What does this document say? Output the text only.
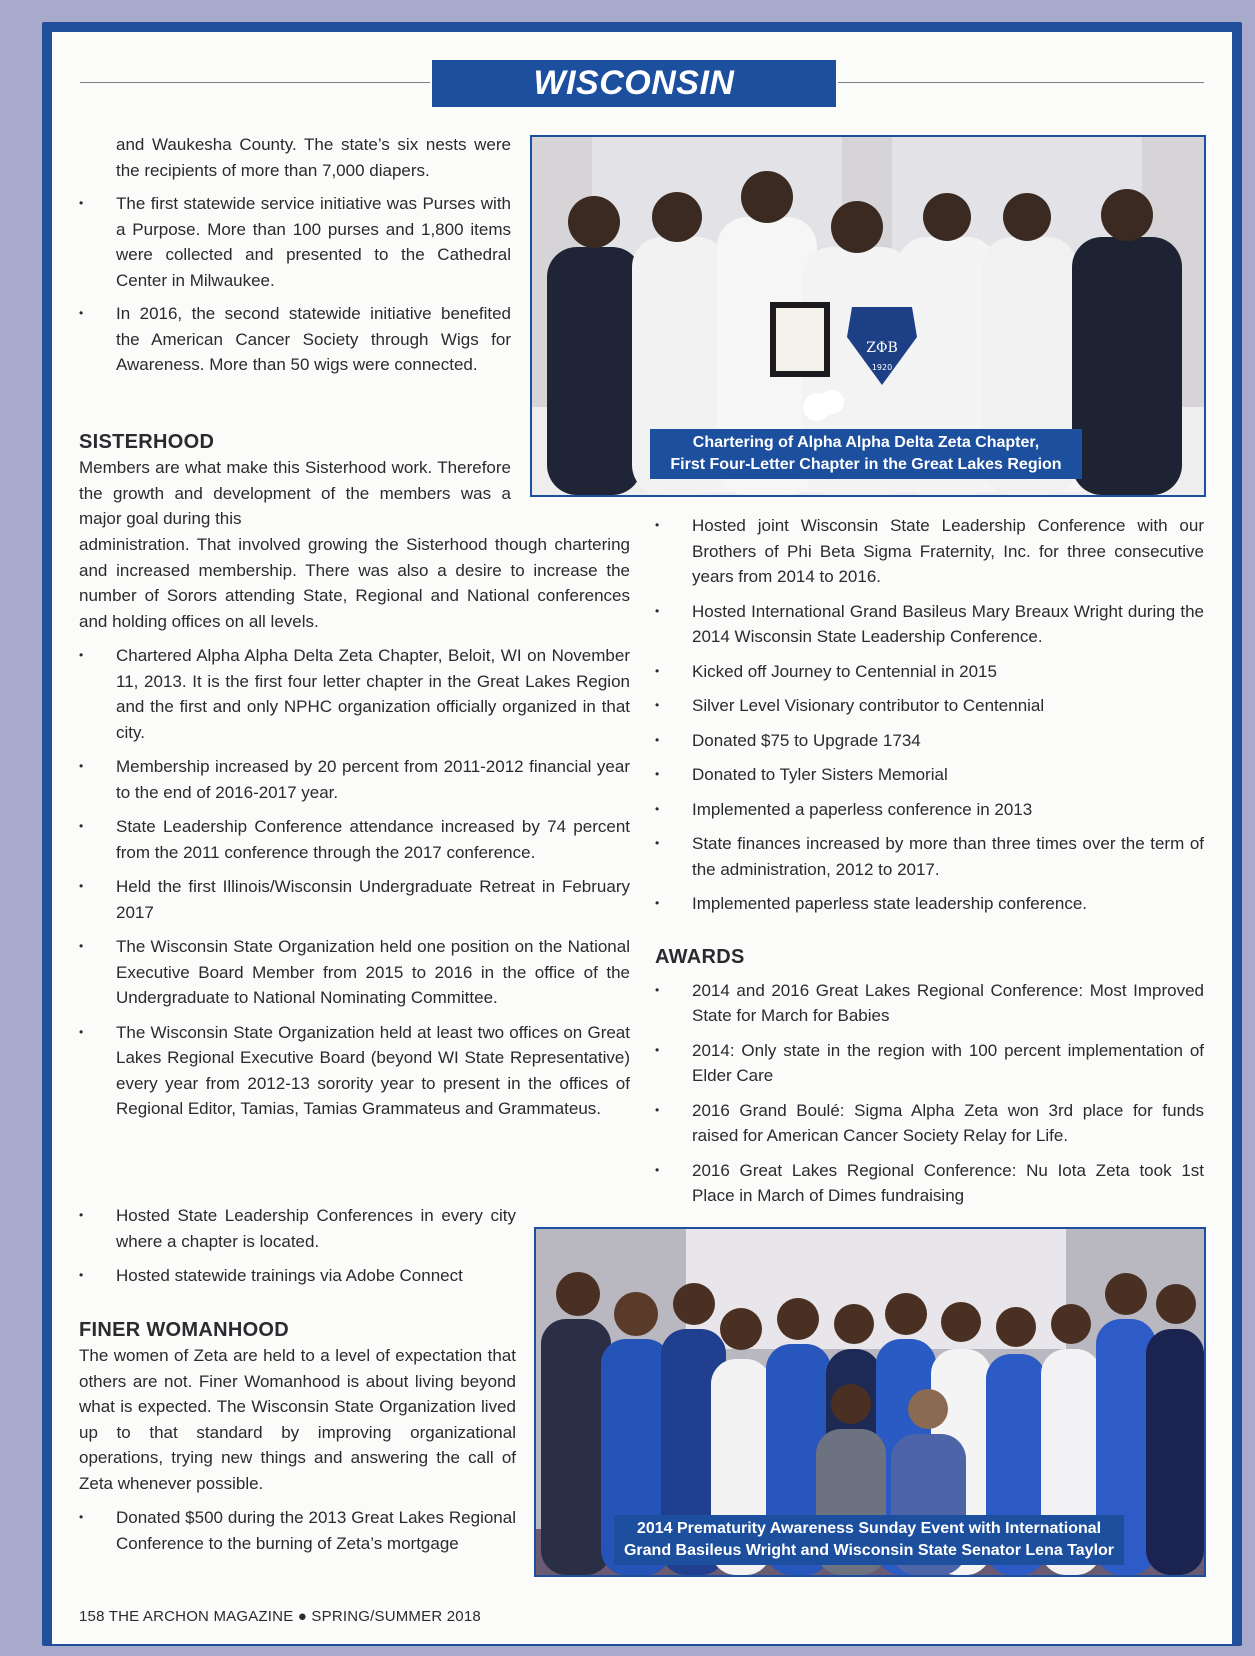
WISCONSIN

and Waukesha County. The state’s six nests were the recipients of more than 7,000 diapers.

• The first statewide service initiative was Purses with a Purpose. More than 100 purses and 1,800 items were collected and presented to the Cathedral Center in Milwaukee.
• In 2016, the second statewide initiative benefited the American Cancer Society through Wigs for Awareness. More than 50 wigs were connected.

SISTERHOOD

Members are what make this Sisterhood work. Therefore the growth and development of the members was a major goal during this

administration. That involved growing the Sisterhood though chartering and increased membership. There was also a desire to increase the number of Sorors attending State, Regional and National conferences and holding offices on all levels.

• Chartered Alpha Alpha Delta Zeta Chapter, Beloit, WI on November 11, 2013. It is the first four letter chapter in the Great Lakes Region and the first and only NPHC organization officially organized in that city.
• Membership increased by 20 percent from 2011-2012 financial year to the end of 2016-2017 year.
• State Leadership Conference attendance increased by 74 percent from the 2011 conference through the 2017 conference.
• Held the first Illinois/Wisconsin Undergraduate Retreat in February 2017
• The Wisconsin State Organization held one position on the National Executive Board Member from 2015 to 2016 in the office of the Undergraduate to National Nominating Committee.
• The Wisconsin State Organization held at least two offices on Great Lakes Regional Executive Board (beyond WI State Representative) every year from 2012-13 sorority year to present in the offices of Regional Editor, Tamias, Tamias Grammateus and Grammateus.
• Hosted State Leadership Conferences in every city where a chapter is located.
• Hosted statewide trainings via Adobe Connect

FINER WOMANHOOD

The women of Zeta are held to a level of expectation that others are not. Finer Womanhood is about living beyond what is expected. The Wisconsin State Organization lived up to that standard by improving organizational operations, trying new things and answering the call of Zeta whenever possible.

• Donated $500 during the 2013 Great Lakes Regional Conference to the burning of Zeta’s mortgage
• Hosted joint Wisconsin State Leadership Conference with our Brothers of Phi Beta Sigma Fraternity, Inc. for three consecutive years from 2014 to 2016.
• Hosted International Grand Basileus Mary Breaux Wright during the 2014 Wisconsin State Leadership Conference.
• Kicked off Journey to Centennial in 2015
• Silver Level Visionary contributor to Centennial
• Donated $75 to Upgrade 1734
• Donated to Tyler Sisters Memorial
• Implemented a paperless conference in 2013
• State finances increased by more than three times over the term of the administration, 2012 to 2017.
• Implemented paperless state leadership conference.

AWARDS

• 2014 and 2016 Great Lakes Regional Conference: Most Improved State for March for Babies
• 2014: Only state in the region with 100 percent implementation of Elder Care
• 2016 Grand Boulé: Sigma Alpha Zeta won 3rd place for funds raised for American Cancer Society Relay for Life.
• 2016 Great Lakes Regional Conference: Nu Iota Zeta took 1st Place in March of Dimes fundraising
ΖΦΒ
1920
Chartering of Alpha Alpha Delta Zeta Chapter,
First Four-Letter Chapter in the Great Lakes Region
2014 Prematurity Awareness Sunday Event with International
Grand Basileus Wright and Wisconsin State Senator Lena Taylor
158 THE ARCHON MAGAZINE ● SPRING/SUMMER 2018
